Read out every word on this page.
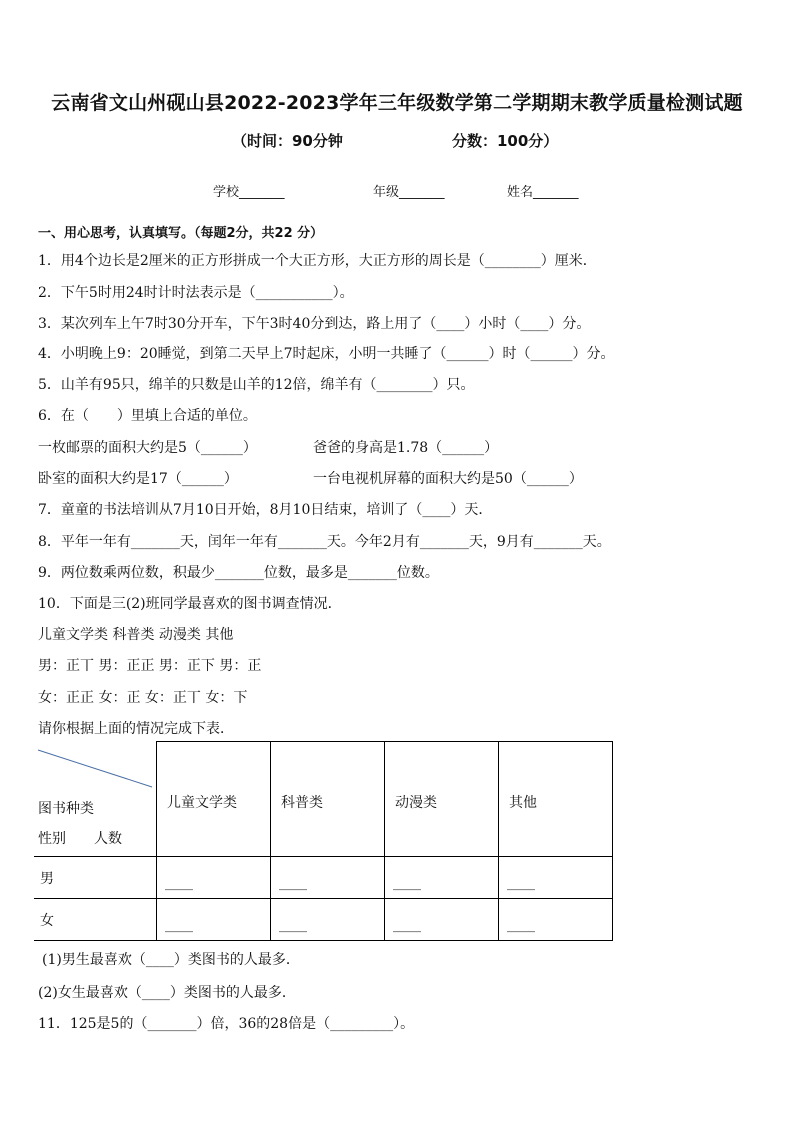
云南省文山州砚山县2022-2023学年三年级数学第二学期期末教学质量检测试题
（时间：90分钟	分数：100分）
学校_______	年级_______	姓名_______
一、用心思考，认真填写。（每题2分，共22 分）
1．用4个边长是2厘米的正方形拼成一个大正方形，大正方形的周长是（________）厘米．
2．下午5时用24时计时法表示是（___________）。
3．某次列车上午7时30分开车，下午3时40分到达，路上用了（____）小时（____）分。
4．小明晚上9：20睡觉，到第二天早上7时起床，小明一共睡了（______）时（______）分。
5．山羊有95只，绵羊的只数是山羊的12倍，绵羊有（________）只。
6．在（　　）里填上合适的单位。
一枚邮票的面积大约是5（______）	爸爸的身高是1.78（______）
卧室的面积大约是17（______）	一台电视机屏幕的面积大约是50（______）
7．童童的书法培训从7月10日开始，8月10日结束，培训了（____）天．
8．平年一年有_______天，闰年一年有_______天。今年2月有_______天，9月有_______天。
9．两位数乘两位数，积最少_______位数，最多是_______位数。
10．下面是三(2)班同学最喜欢的图书调查情况．
儿童文学类 科普类 动漫类 其他
男：正丅 男：正正 男：正下 男：正
女：正正 女：正 女：正丅 女：下
请你根据上面的情况完成下表．
图书种类
性别 人数	儿童文学类	科普类	动漫类	其他
男	____	____	____	____
女	____	____	____	____
(1)男生最喜欢（____）类图书的人最多．
(2)女生最喜欢（____）类图书的人最多．
11．125是5的（_______）倍，36的28倍是（_________）。
